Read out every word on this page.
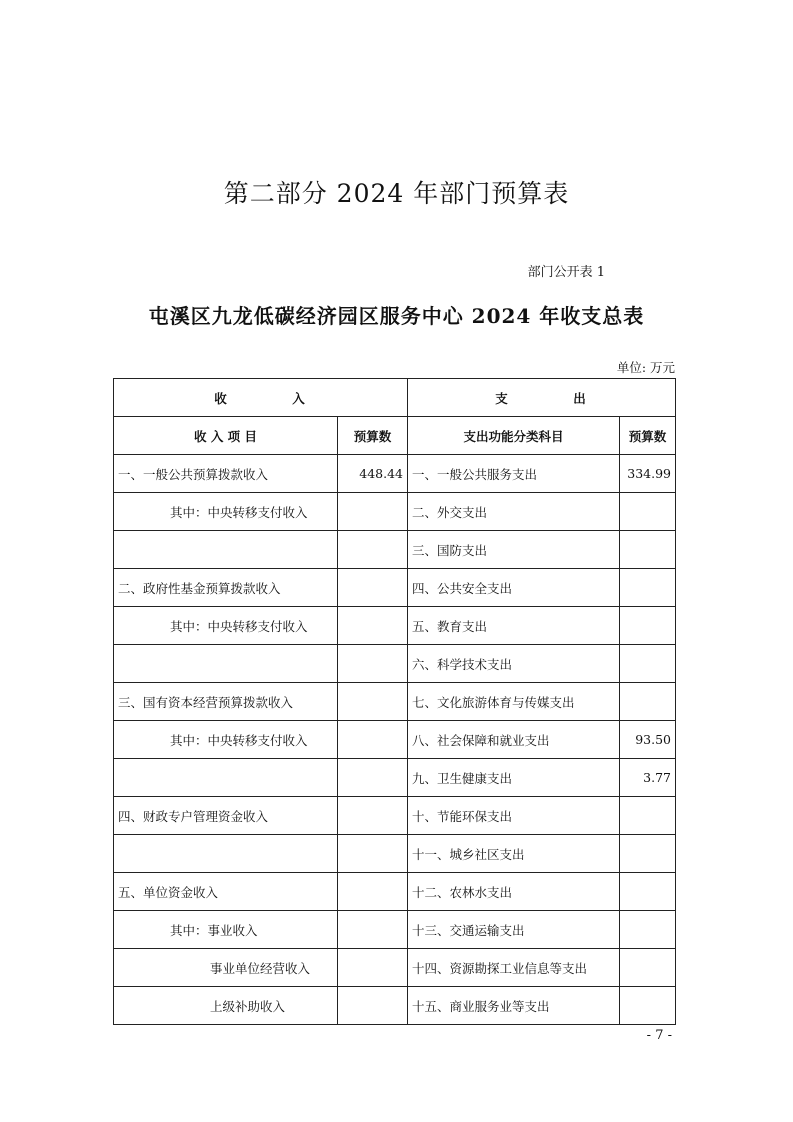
第二部分 2024 年部门预算表
部门公开表 1
屯溪区九龙低碳经济园区服务中心 2024 年收支总表
单位: 万元
收          入		支          出	
收 入 项 目	预算数	支出功能分类科目	预算数
一、一般公共预算拨款收入	448.44	一、一般公共服务支出	334.99
其中：中央转移支付收入		二、外交支出	
		三、国防支出	
二、政府性基金预算拨款收入		四、公共安全支出	
其中：中央转移支付收入		五、教育支出	
		六、科学技术支出	
三、国有资本经营预算拨款收入		七、文化旅游体育与传媒支出	
其中：中央转移支付收入		八、社会保障和就业支出	93.50
		九、卫生健康支出	3.77
四、财政专户管理资金收入		十、节能环保支出	
		十一、城乡社区支出	
五、单位资金收入		十二、农林水支出	
其中：事业收入		十三、交通运输支出	
事业单位经营收入		十四、资源勘探工业信息等支出	
上级补助收入		十五、商业服务业等支出	
- 7 -
